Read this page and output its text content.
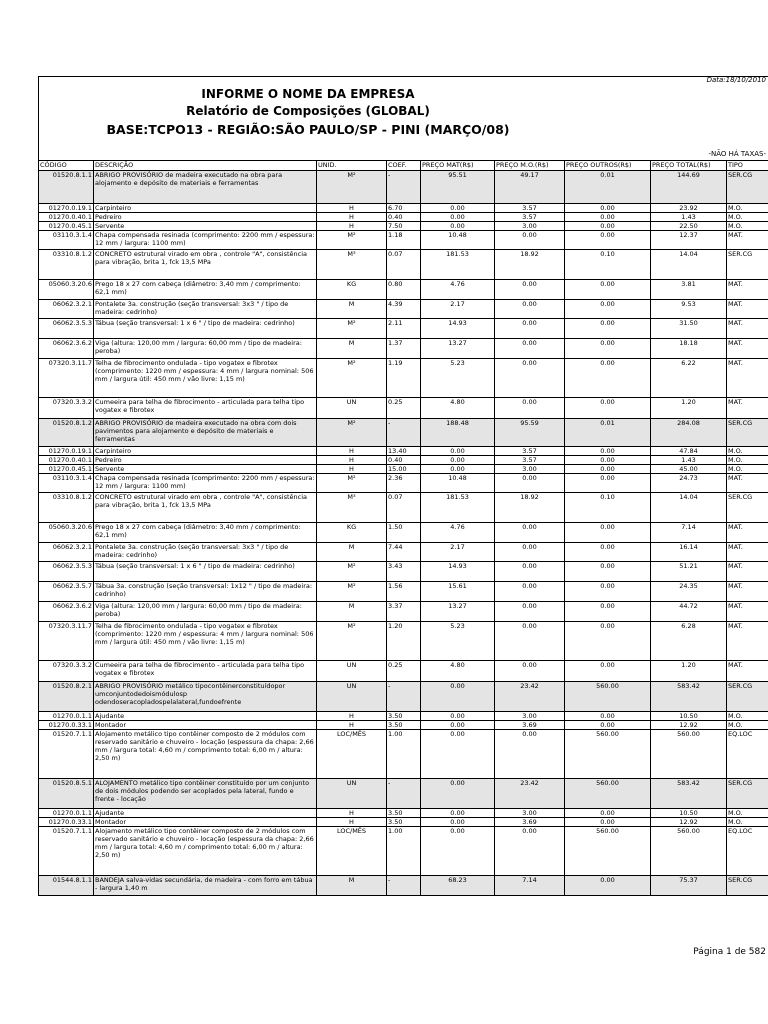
Data:18/10/2010
INFORME O NOME DA EMPRESA
Relatório de Composições (GLOBAL)
BASE:TCPO13 - REGIÃO:SÃO PAULO/SP - PINI (MARÇO/08)
-NÃO HÁ TAXAS-
CÓDIGO	DESCRIÇÃO	UNID.	COEF.	PREÇO MAT(R$)	PREÇO M.O.(R$)	PREÇO OUTROS(R$)	PREÇO TOTAL(R$)	TIPO
01520.8.1.1	ABRIGO PROVISÓRIO de madeira executado na obra para alojamento e depósito de materiais e ferramentas	M²	-	95.51	49.17	0.01	144.69	SER.CG
01270.0.19.1	Carpinteiro	H	6.70	0.00	3.57	0.00	23.92	M.O.
01270.0.40.1	Pedreiro	H	0.40	0.00	3.57	0.00	1.43	M.O.
01270.0.45.1	Servente	H	7.50	0.00	3.00	0.00	22.50	M.O.
03110.3.1.4	Chapa compensada resinada (comprimento: 2200 mm / espessura: 12 mm / largura: 1100 mm)	M²	1.18	10.48	0.00	0.00	12.37	MAT.
03310.8.1.2	CONCRETO estrutural virado em obra , controle "A", consistência para vibração, brita 1, fck 13,5 MPa	M³	0.07	181.53	18.92	0.10	14.04	SER.CG
05060.3.20.6	Prego 18 x 27 com cabeça (diâmetro: 3,40 mm / comprimento: 62,1 mm)	KG	0.80	4.76	0.00	0.00	3.81	MAT.
06062.3.2.1	Pontalete 3a. construção (seção transversal: 3x3 " / tipo de madeira: cedrinho)	M	4.39	2.17	0.00	0.00	9.53	MAT.
06062.3.5.3	Tábua (seção transversal: 1 x 6 " / tipo de madeira: cedrinho)	M²	2.11	14.93	0.00	0.00	31.50	MAT.
06062.3.6.2	Viga (altura: 120,00 mm / largura: 60,00 mm / tipo de madeira: peroba)	M	1.37	13.27	0.00	0.00	18.18	MAT.
07320.3.11.7	Telha de fibrocimento ondulada - tipo vogatex e fibrotex (comprimento: 1220 mm / espessura: 4 mm / largura nominal: 506 mm / largura útil: 450 mm / vão livre: 1,15 m)	M²	1.19	5.23	0.00	0.00	6.22	MAT.
07320.3.3.2	Cumeeira para telha de fibrocimento - articulada para telha tipo vogatex e fibrotex	UN	0.25	4.80	0.00	0.00	1.20	MAT.
01520.8.1.2	ABRIGO PROVISÓRIO de madeira executado na obra com dois pavimentos para alojamento e depósito de materiais e ferramentas	M²	-	188.48	95.59	0.01	284.08	SER.CG
01270.0.19.1	Carpinteiro	H	13.40	0.00	3.57	0.00	47.84	M.O.
01270.0.40.1	Pedreiro	H	0.40	0.00	3.57	0.00	1.43	M.O.
01270.0.45.1	Servente	H	15.00	0.00	3.00	0.00	45.00	M.O.
03110.3.1.4	Chapa compensada resinada (comprimento: 2200 mm / espessura: 12 mm / largura: 1100 mm)	M²	2.36	10.48	0.00	0.00	24.73	MAT.
03310.8.1.2	CONCRETO estrutural virado em obra , controle "A", consistência para vibração, brita 1, fck 13,5 MPa	M³	0.07	181.53	18.92	0.10	14.04	SER.CG
05060.3.20.6	Prego 18 x 27 com cabeça (diâmetro: 3,40 mm / comprimento: 62,1 mm)	KG	1.50	4.76	0.00	0.00	7.14	MAT.
06062.3.2.1	Pontalete 3a. construção (seção transversal: 3x3 " / tipo de madeira: cedrinho)	M	7.44	2.17	0.00	0.00	16.14	MAT.
06062.3.5.3	Tábua (seção transversal: 1 x 6 " / tipo de madeira: cedrinho)	M²	3.43	14.93	0.00	0.00	51.21	MAT.
06062.3.5.7	Tábua 3a. construção (seção transversal: 1x12 " / tipo de madeira: cedrinho)	M²	1.56	15.61	0.00	0.00	24.35	MAT.
06062.3.6.2	Viga (altura: 120,00 mm / largura: 60,00 mm / tipo de madeira: peroba)	M	3.37	13.27	0.00	0.00	44.72	MAT.
07320.3.11.7	Telha de fibrocimento ondulada - tipo vogatex e fibrotex (comprimento: 1220 mm / espessura: 4 mm / largura nominal: 506 mm / largura útil: 450 mm / vão livre: 1,15 m)	M²	1.20	5.23	0.00	0.00	6.28	MAT.
07320.3.3.2	Cumeeira para telha de fibrocimento - articulada para telha tipo vogatex e fibrotex	UN	0.25	4.80	0.00	0.00	1.20	MAT.
01520.8.2.1	ABRIGO PROVISÓRIO metálico tipocontêinerconstituídopor umconjuntodedoismódulosp odendoseracopladospelalateral,fundoefrente	UN	-	0.00	23.42	560.00	583.42	SER.CG
01270.0.1.1	Ajudante	H	3.50	0.00	3.00	0.00	10.50	M.O.
01270.0.33.1	Montador	H	3.50	0.00	3.69	0.00	12.92	M.O.
01520.7.1.1	Alojamento metálico tipo contêiner composto de 2 módulos com reservado sanitário e chuveiro - locação (espessura da chapa: 2,66 mm / largura total: 4,60 m / comprimento total: 6,00 m / altura: 2,50 m)	LOC/MÊS	1.00	0.00	0.00	560.00	560.00	EQ.LOC
01520.8.5.1	ALOJAMENTO metálico tipo contêiner constituído por um conjunto de dois módulos podendo ser acoplados pela lateral, fundo e frente - locação	UN	-	0.00	23.42	560.00	583.42	SER.CG
01270.0.1.1	Ajudante	H	3.50	0.00	3.00	0.00	10.50	M.O.
01270.0.33.1	Montador	H	3.50	0.00	3.69	0.00	12.92	M.O.
01520.7.1.1	Alojamento metálico tipo contêiner composto de 2 módulos com reservado sanitário e chuveiro - locação (espessura da chapa: 2,66 mm / largura total: 4,60 m / comprimento total: 6,00 m / altura: 2,50 m)	LOC/MÊS	1.00	0.00	0.00	560.00	560.00	EQ.LOC
01544.8.1.1	BANDEJA salva-vidas secundária, de madeira - com forro em tábua - largura 1,40 m	M	-	68.23	7.14	0.00	75.37	SER.CG
Página 1 de 582
